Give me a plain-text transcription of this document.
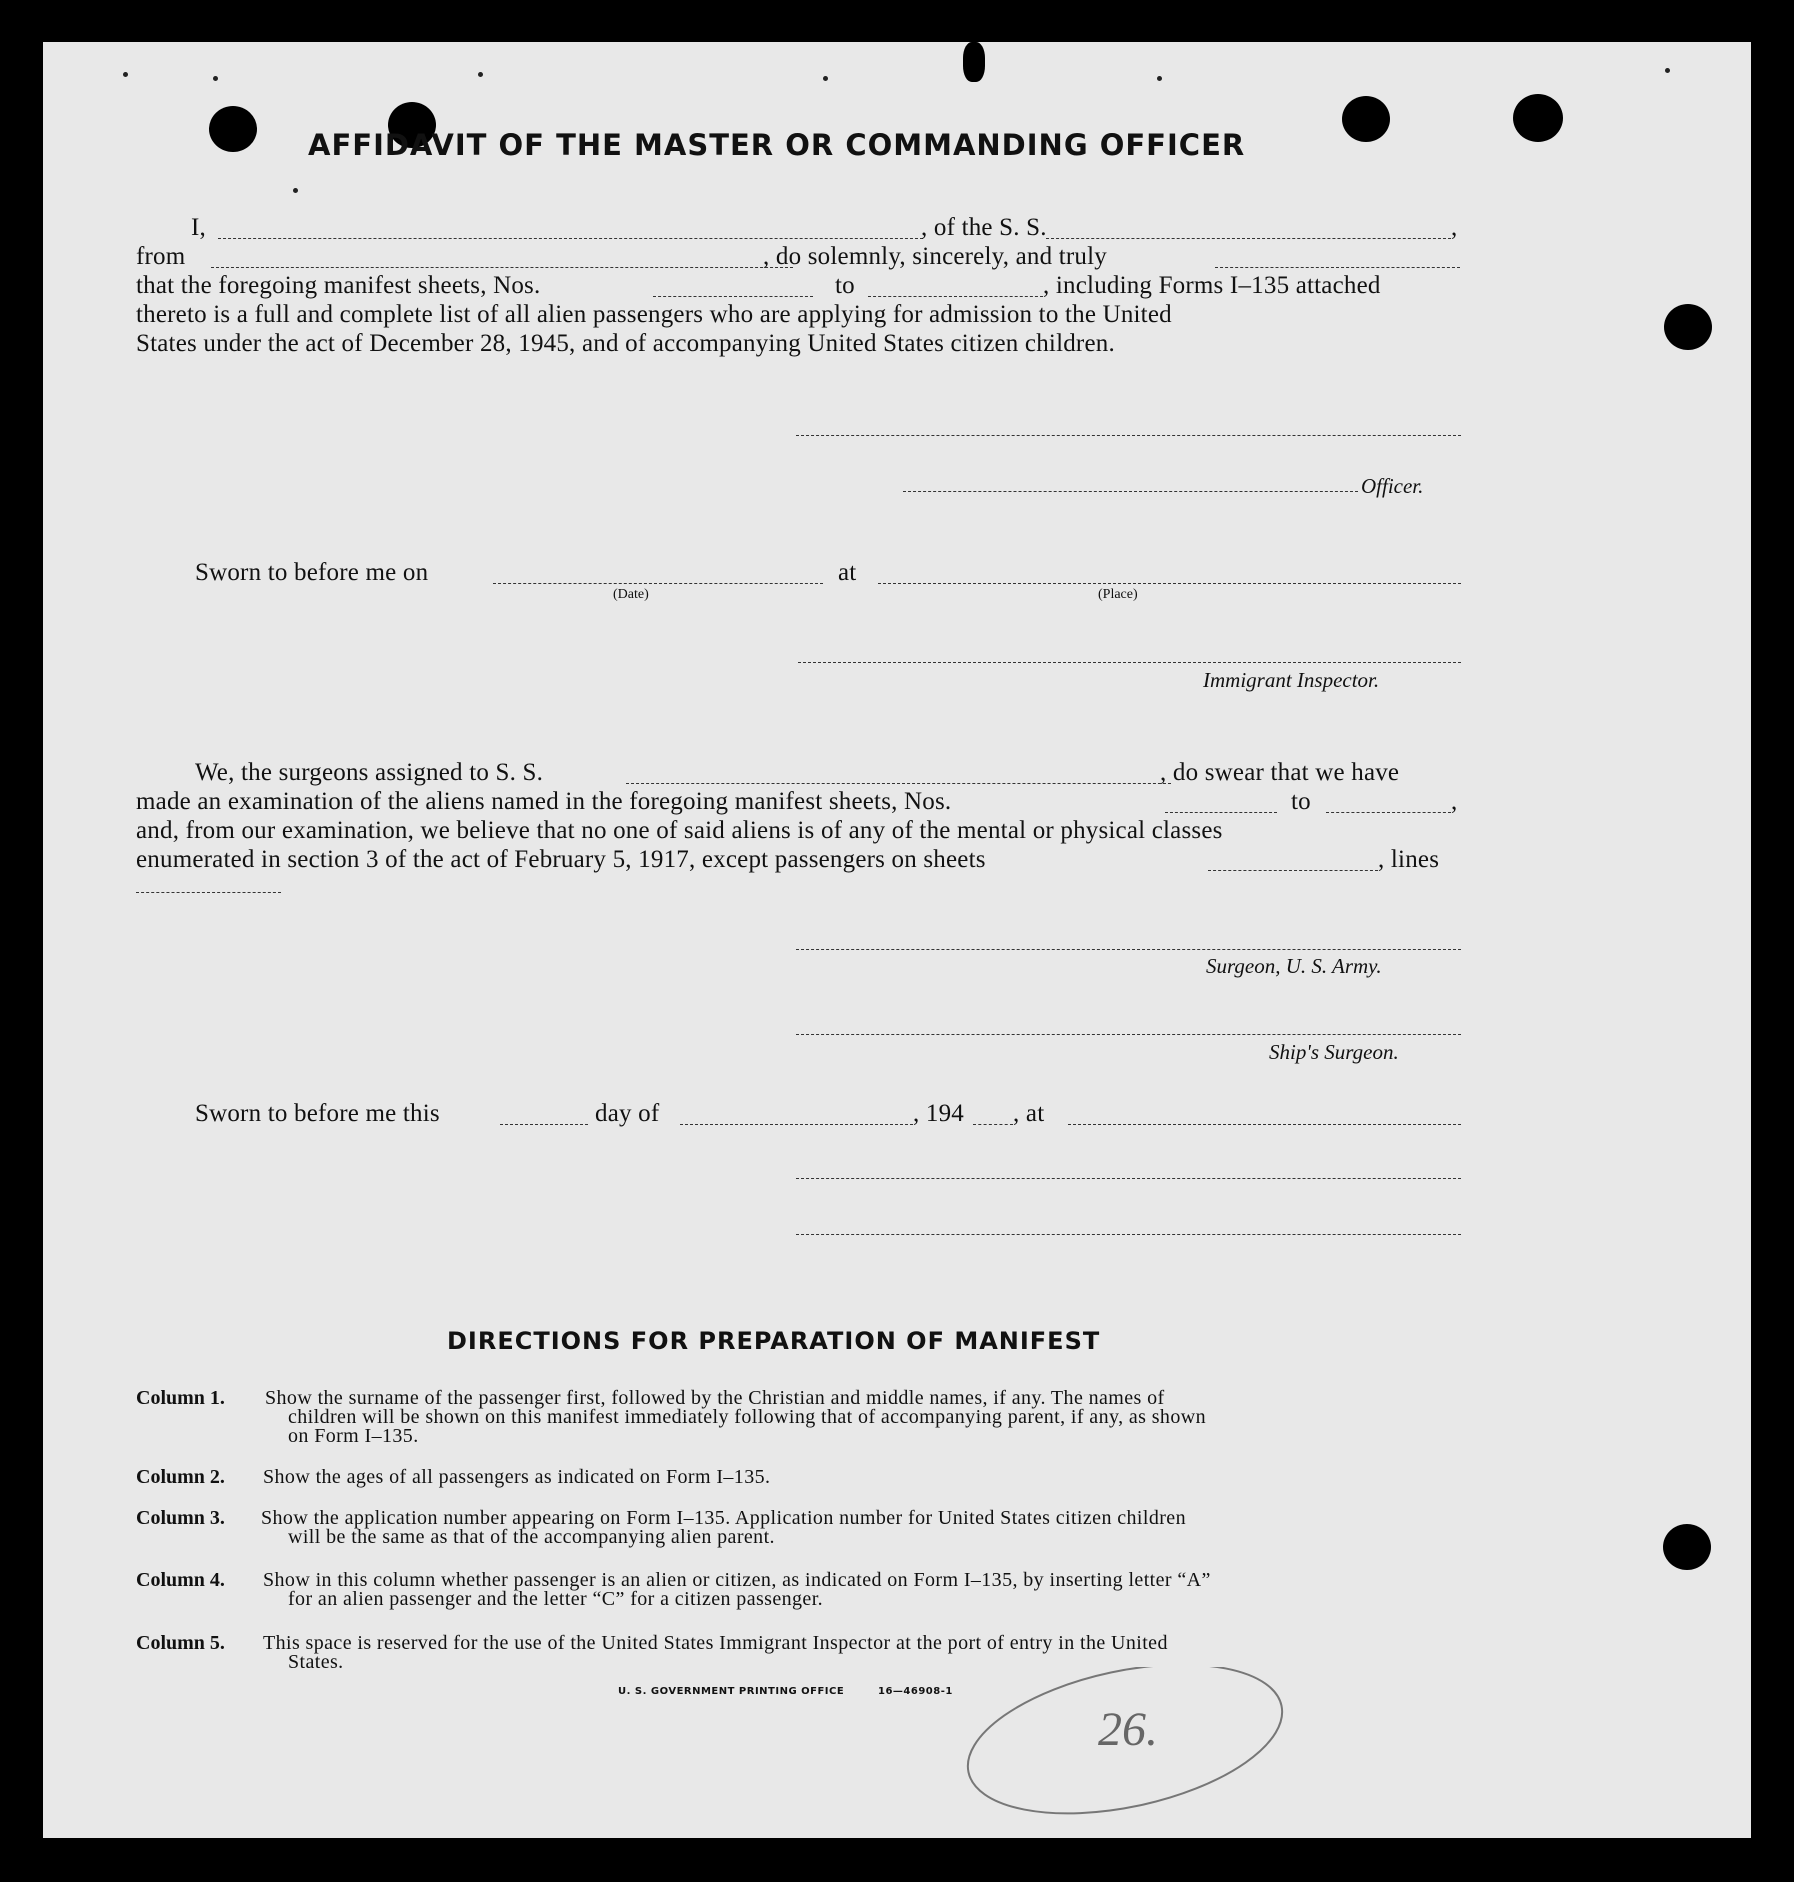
AFFIDAVIT OF THE MASTER OR COMMANDING OFFICER
I,	, of the S. S.	,
from	, do solemnly, sincerely, and truly
that the foregoing manifest sheets, Nos.	to	, including Forms I–135 attached
thereto is a full and complete list of all alien passengers who are applying for admission to the United
States under the act of December 28, 1945, and of accompanying United States citizen children.
Officer.
Sworn to before me on
(Date)
at
(Place)
Immigrant Inspector.
We, the surgeons assigned to S. S.	, do swear that we have
made an examination of the aliens named in the foregoing manifest sheets, Nos.	to	,
and, from our examination, we believe that no one of said aliens is of any of the mental or physical classes
enumerated in section 3 of the act of February 5, 1917, except passengers on sheets	, lines
Surgeon, U. S. Army.
Ship's Surgeon.
Sworn to before me this	day of	, 194 , at
DIRECTIONS FOR PREPARATION OF MANIFEST
Column 1. Show the surname of the passenger first, followed by the Christian and middle names, if any. The names of
children will be shown on this manifest immediately following that of accompanying parent, if any, as shown
on Form I–135.
Column 2. Show the ages of all passengers as indicated on Form I–135.
Column 3. Show the application number appearing on Form I–135. Application number for United States citizen children
will be the same as that of the accompanying alien parent.
Column 4. Show in this column whether passenger is an alien or citizen, as indicated on Form I–135, by inserting letter “A”
for an alien passenger and the letter “C” for a citizen passenger.
Column 5. This space is reserved for the use of the United States Immigrant Inspector at the port of entry in the United
States.
U. S. GOVERNMENT PRINTING OFFICE	16—46908-1
26.
